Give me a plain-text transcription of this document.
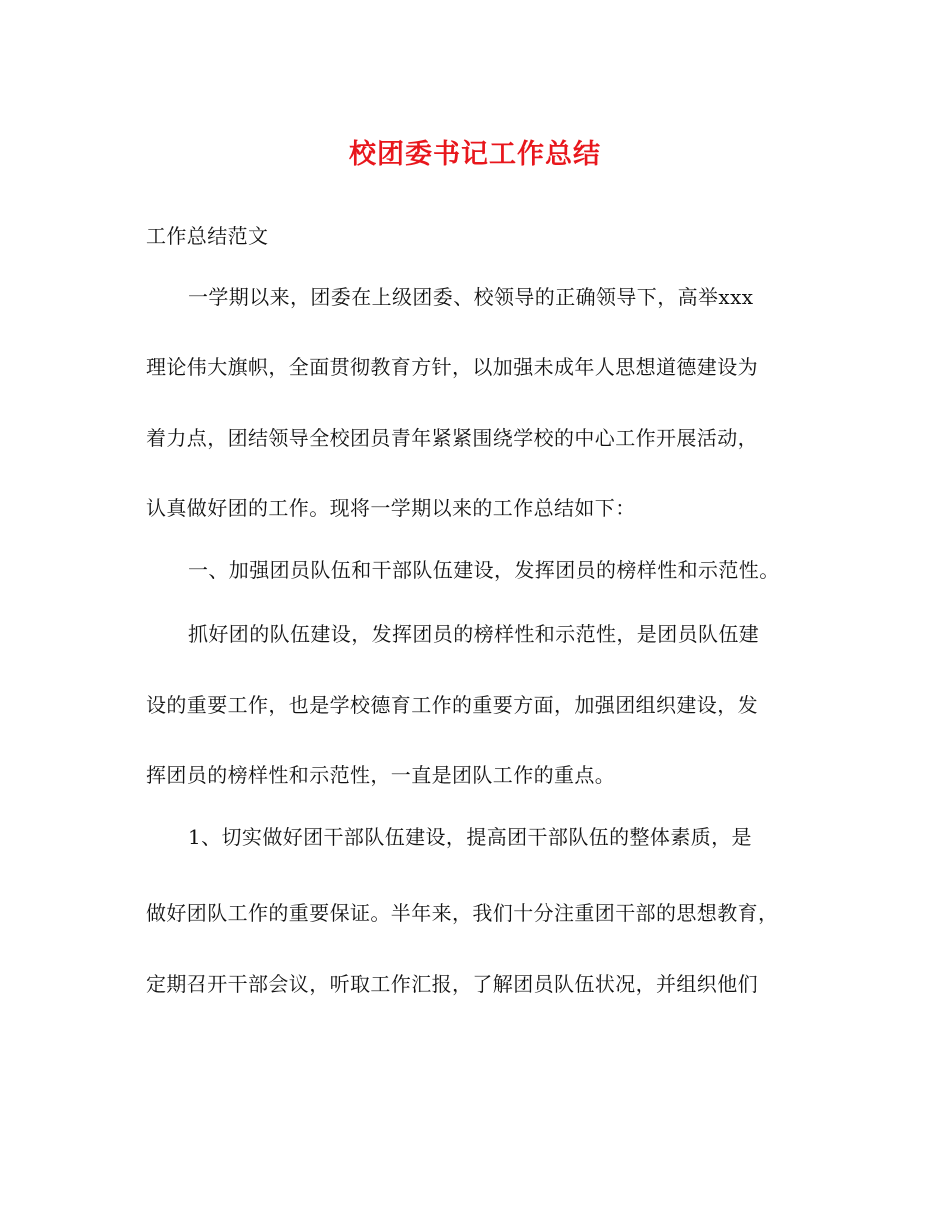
校团委书记工作总结
工作总结范文
一学期以来，团委在上级团委、校领导的正确领导下，高举xxx
理论伟大旗帜，全面贯彻教育方针，以加强未成年人思想道德建设为
着力点，团结领导全校团员青年紧紧围绕学校的中心工作开展活动，
认真做好团的工作。现将一学期以来的工作总结如下：
一、加强团员队伍和干部队伍建设，发挥团员的榜样性和示范性。
抓好团的队伍建设，发挥团员的榜样性和示范性，是团员队伍建
设的重要工作，也是学校德育工作的重要方面，加强团组织建设，发
挥团员的榜样性和示范性，一直是团队工作的重点。
1、切实做好团干部队伍建设，提高团干部队伍的整体素质，是
做好团队工作的重要保证。半年来，我们十分注重团干部的思想教育，
定期召开干部会议，听取工作汇报，了解团员队伍状况，并组织他们
